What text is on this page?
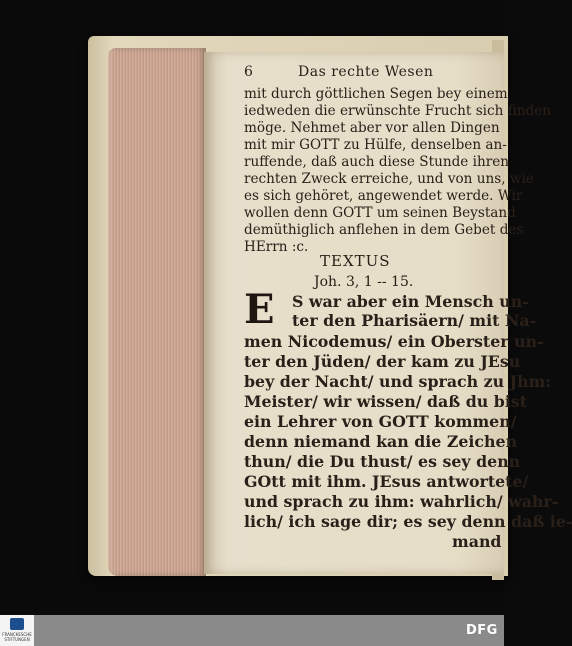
6	Das rechte Wesen
mit durch göttlichen Segen bey einem
iedweden die erwünschte Frucht sich finden
möge. Nehmet aber vor allen Dingen
mit mir GOTT zu Hülfe, denselben an-
ruffende, daß auch diese Stunde ihren
rechten Zweck erreiche, und von uns, wie
es sich gehöret, angewendet werde. Wir
wollen denn GOTT um seinen Beystand
demüthiglich anflehen in dem Gebet des
HErrn :c.
TEXTUS
Joh. 3, 1 -- 15.
E	S war aber ein Mensch un-
ter den Pharisäern/ mit Na-
men Nicodemus/ ein Oberster un-
ter den Jüden/ der kam zu JEsu
bey der Nacht/ und sprach zu Jhm:
Meister/ wir wissen/ daß du bist
ein Lehrer von GOTT kommen/
denn niemand kan die Zeichen
thun/ die Du thust/ es sey denn
GOtt mit ihm. JEsus antwortete/
und sprach zu ihm: wahrlich/ wahr-
lich/ ich sage dir; es sey denn daß ie-
mand
FRANCKESCHE STIFTUNGEN
DFG
